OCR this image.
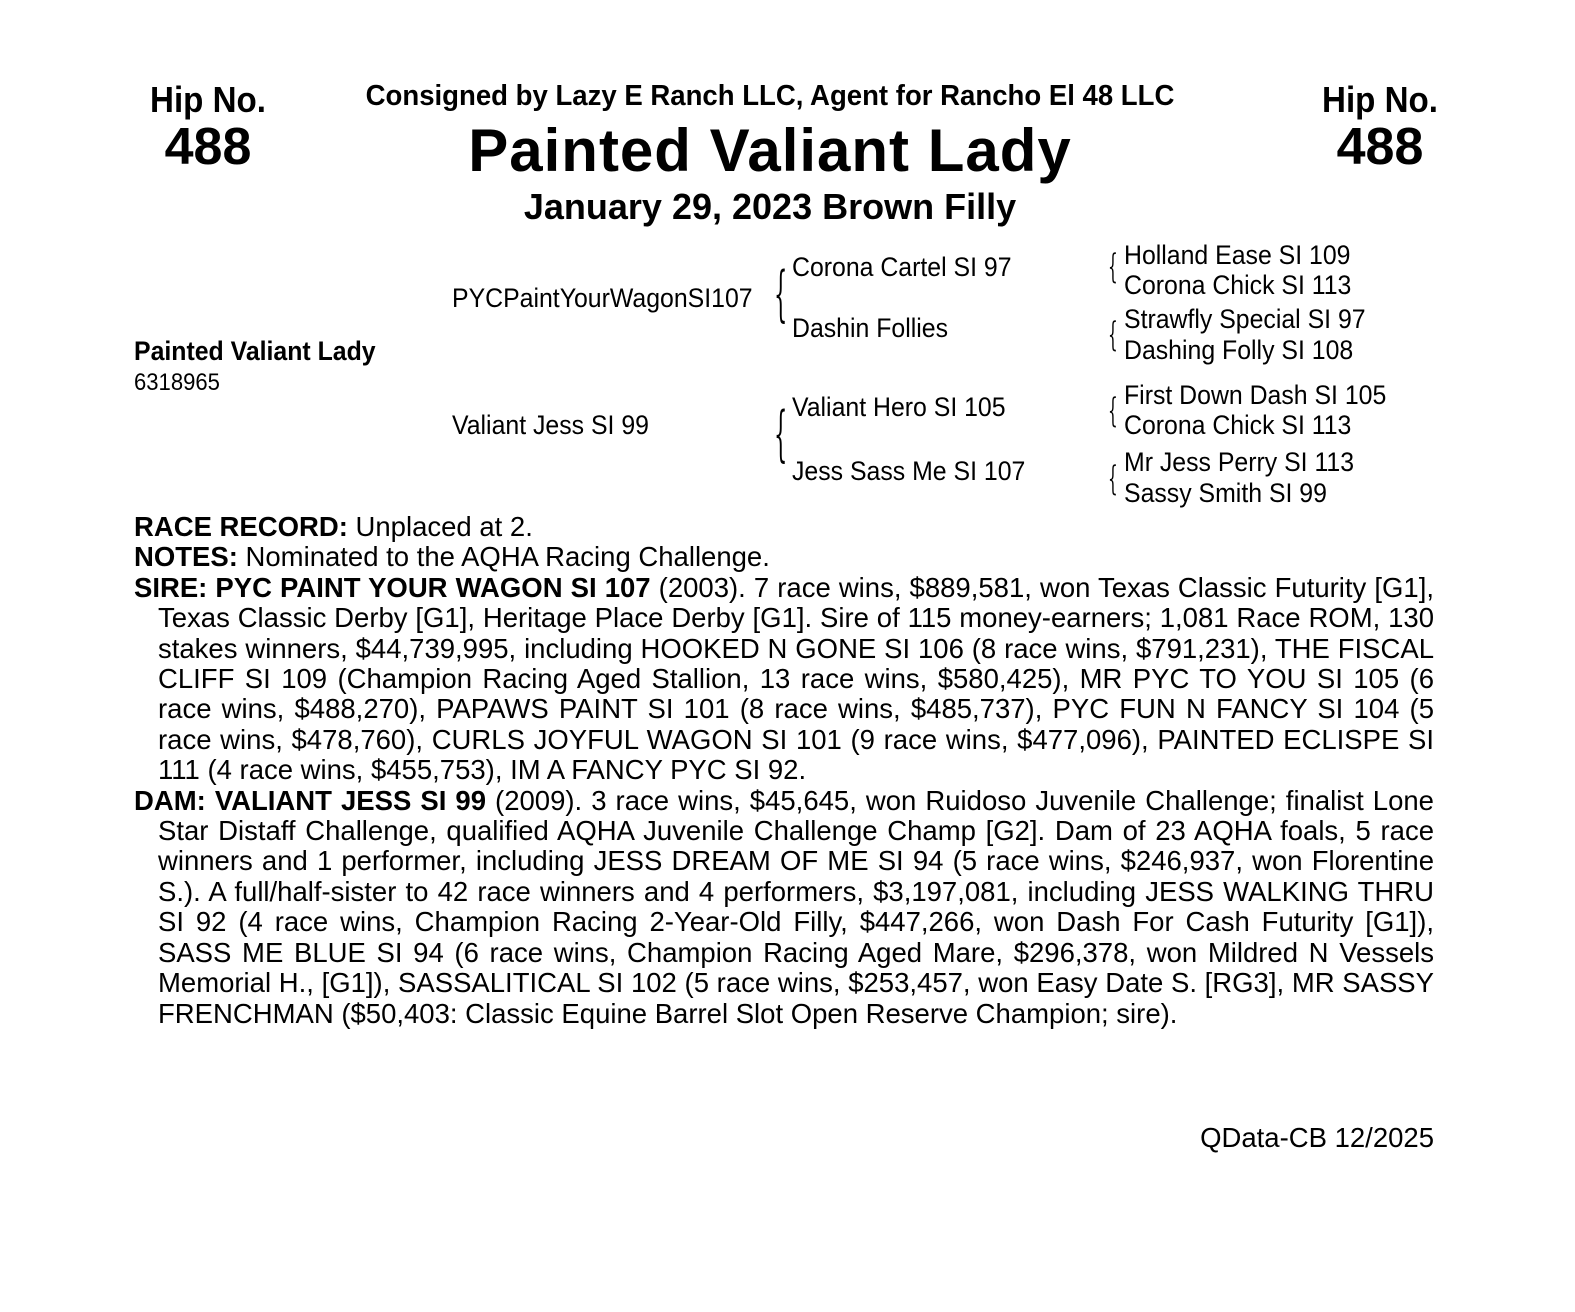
Hip No.
488
Hip No.
488
Consigned by Lazy E Ranch LLC, Agent for Rancho El 48 LLC
Painted Valiant Lady
January 29, 2023 Brown Filly
Painted Valiant Lady
6318965
PYCPaintYourWagonSI107
Valiant Jess SI 99
{
{
Corona Cartel SI 97
Dashin Follies
Valiant Hero SI 105
Jess Sass Me SI 107
{
{
{
{
Holland Ease SI 109
Corona Chick SI 113
Strawfly Special SI 97
Dashing Folly SI 108
First Down Dash SI 105
Corona Chick SI 113
Mr Jess Perry SI 113
Sassy Smith SI 99

RACE RECORD: Unplaced at 2.

NOTES: Nominated to the AQHA Racing Challenge.

SIRE: PYC PAINT YOUR WAGON SI 107 (2003). 7 race wins, $889,581, won Texas Classic Futurity [G1], Texas Classic Derby [G1], Heritage Place Derby [G1]. Sire of 115 money-earners; 1,081 Race ROM, 130 stakes winners, $44,739,995, including HOOKED N GONE SI 106 (8 race wins, $791,231), THE FISCAL CLIFF SI 109 (Champion Racing Aged Stallion, 13 race wins, $580,425), MR PYC TO YOU SI 105 (6 race wins, $488,270), PAPAWS PAINT SI 101 (8 race wins, $485,737), PYC FUN N FANCY SI 104 (5 race wins, $478,760), CURLS JOYFUL WAGON SI 101 (9 race wins, $477,096), PAINTED ECLISPE SI 111 (4 race wins, $455,753), IM A FANCY PYC SI 92.

DAM: VALIANT JESS SI 99 (2009). 3 race wins, $45,645, won Ruidoso Juvenile Challenge; finalist Lone Star Distaff Challenge, qualified AQHA Juvenile Challenge Champ [G2]. Dam of 23 AQHA foals, 5 race winners and 1 performer, including JESS DREAM OF ME SI 94 (5 race wins, $246,937, won Florentine S.). A full/half-sister to 42 race winners and 4 performers, $3,197,081, including JESS WALKING THRU SI 92 (4 race wins, Champion Racing 2-Year-Old Filly, $447,266, won Dash For Cash Futurity [G1]), SASS ME BLUE SI 94 (6 race wins, Champion Racing Aged Mare, $296,378, won Mildred N Vessels Memorial H., [G1]), SASSALITICAL SI 102 (5 race wins, $253,457, won Easy Date S. [RG3], MR SASSY FRENCHMAN ($50,403: Classic Equine Barrel Slot Open Reserve Champion; sire).

QData-CB 12/2025
